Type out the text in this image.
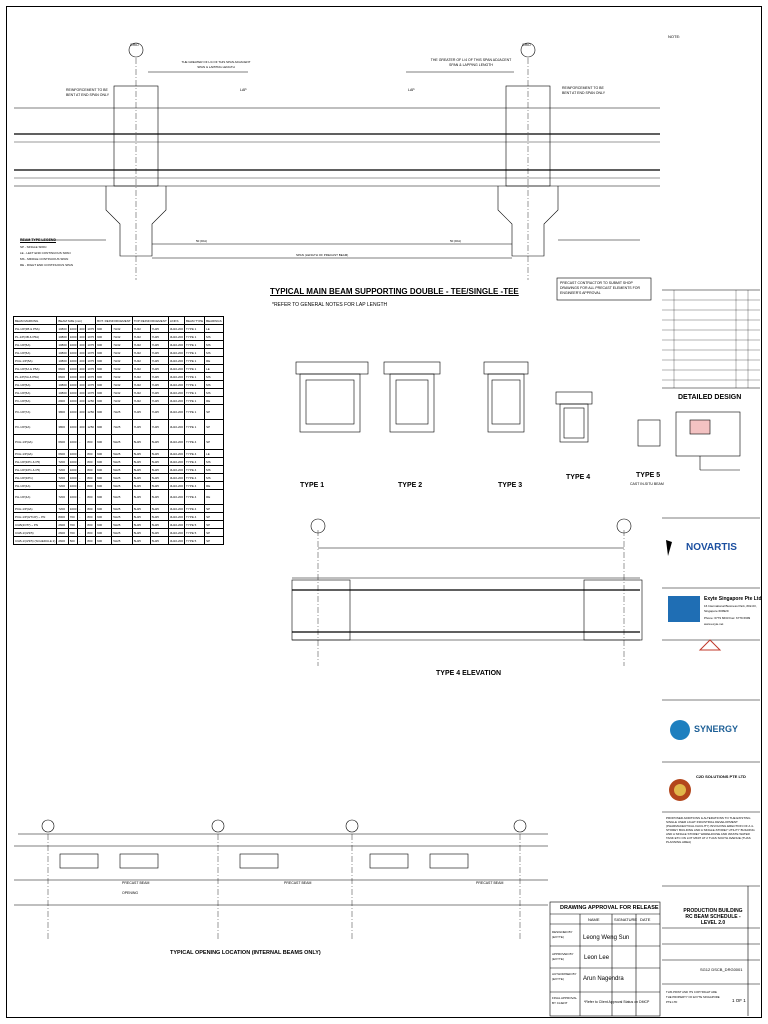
GRID	GRID
THE GREATER OF L/4 OF THIS SPAN ADJACENT SPAN & LAPPING LENGTH
THE GREATER OF L/4 OF THIS SPAN ADJACENT SPAN & LAPPING LENGTH
REINFORCEMENT TO BE BENT AT END SPAN ONLY
REINFORCEMENT TO BE BENT AT END SPAN ONLY
LAP	LAP
SPAN (LENGTH OF PRECAST BEAM)
50 (DIA)	50 (DIA)
BEAM TYPE LEGEND
SP - SINGLE SPAN
LE - LEFT END CONTINUOUS SPAN
MS - MIDDLE CONTINUOUS SPAN
RE - RIGHT END CONTINUOUS SPAN
TYPICAL MAIN BEAM SUPPORTING DOUBLE - TEE/SINGLE -TEE
*REFER TO GENERAL NOTES FOR LAP LENGTH
PRECAST CONTRACTOR TO SUBMIT SHOP DRAWINGS FOR ALL PRECAST ELEMENTS FOR ENGINEER'S APPROVAL
BEAM MARKING	BEAM SIZE (mm)				BOT. REINFORCEMENT		TOP REINFORCEMENT		LINKS	BEAM TYPE	BEARINGS
PH-1/P(3B & P5A)	10800	1000	400	1075	900	7H32	7H32	7H25	3H10-200	TYPE 1	LE
PL-1/P(3B & P5A)	10800	1000	400	1075	900	7H32	7H32	7H25	3H10-200	TYPE 1	MS
PH-1/P(5A)	10800	1000	400	1075	900	7H32	7H32	7H25	3H10-200	TYPE 1	MS
PH-1/P(5A)	10800	1000	400	1075	900	7H32	7H32	7H25	3H10-200	TYPE 1	MS
PCH-1/P(5A)	10800	1000	400	1075	900	7H32	7H32	7H25	3H10-200	TYPE 1	RE
PH-1/P(5A & P5A)	6600	1000	400	1075	900	7H32	7H32	7H25	3H10-200	TYPE 1	LE
PL-1/P(5A & P5A)	6600	1000	400	1075	900	7H32	7H32	7H25	3H10-200	TYPE 1	MS
PH-1/P(5A)	10800	1000	400	1075	900	7H32	7H32	7H25	3H10-200	TYPE 1	MS
PH-1/P(5A)	10800	1000	400	1075	900	7H32	7H32	7H25	3H10-200	TYPE 1	MS
PC-1/P(5A)	2900	1000	400	1250	900	7H32	7H32	7H25	3H10-200	TYPE 1	RE
PC-1/P(7A)	3800	1000	400	1250	900	7H25	7H25	7H25	3H10-200	TYPE 1	SP
PC-1/P(9A)	3800	1000	400	1250	900	7H25	7H25	7H25	3H10-200	TYPE 1	SP
PCH-1/P(4A)	6600	1000	-	800	600	5H25	5H25	5H25	3H10-200	TYPE 4	SP
PCH-1/P(4A)	6600	1000	-	800	600	5H25	5H25	5H25	3H10-200	TYPE 4	LE
PH-1/P(3/P1 & P5)	7200	1000	-	800	600	5H25	5H25	5H25	3H10-200	TYPE 4	MS
PH-1/P(3/P1 & P5)	7200	1000	-	800	600	5H25	5H25	5H25	3H10-200	TYPE 4	MS
PH-1/P(3/P1)	7200	1000	-	800	600	5H25	5H25	5H25	3H10-200	TYPE 4	MS
PH-1/P(4A)	7200	1000	-	800	600	5H25	5H25	5H25	3H10-200	TYPE 4	RE
PH-1/P(4A)	7200	1000	-	800	600	5H25	5H25	5H25	3H10-200	TYPE 4	RE
PCH-1/P(4A)	7200	1000	-	800	600	5H25	5H25	5H25	3H10-200	TYPE 4	SP
PCH-1/P(4/T1/P) ~ PN	8000	700	-	800	600	5H25	5H25	5H25	3H10-200	TYPE 4	SP
CGB(4/7/P) ~ PN	2600	700	-	800	600	5H25	5H25	5H25	3H10-200	TYPE 5	SP
CGB-1/(3/3/5)	2600	700	-	800	600	5H25	5H25	5H25	3H10-200	TYPE 5	SP
CGB-1/(3/3/5) (SCHEDULE 2)	2600	500	-	800	600	5H25	5H25	5H25	3H10-200	TYPE 5	SP
TYPE 1	TYPE 2	TYPE 3
TYPE 4	TYPE 5
CAST IN-SITU BEAM
TYPE 4 ELEVATION
TYPICAL OPENING LOCATION (INTERNAL BEAMS ONLY)
PRECAST BEAM
OPENING
PRECAST BEAM	PRECAST BEAM
DRAWING APPROVAL FOR RELEASE
NAME	SIGNATURE DATE
DESIGNED BY (EXYTE)	Leong Weng Sun
APPROVED BY (EXYTE)	Leon Lee
AUTHORISED BY (EXYTE)	Arun Nagendra
FINAL APPROVAL BY CLIENT	*Refer to Client Approval Status on DMCP
NOTE:
DETAILED DESIGN
NOVARTIS
Exyte Singapore Pte Ltd
16 International Business Park, #02-03, Singapore 609929
Phone: 6779 6633 Fax: 6779 6699
www.exyte.net
SYNERGY
C2D SOLUTIONS PTE LTD
PROPOSED ADDITIONS & ALTERATIONS TO THE EXISTING SINGLE USER LIGHT INDUSTRIAL DEVELOPMENT (PHARMACEUTICAL FACILITY) INVOLVING ERECTION OF A 4-STOREY BUILDING AND A SINGLE-STOREY UTILITY BUILDING AND A SINGLE STOREY WAREHOUSE AND WASTE WATER TANK ETC ON LOT MK07 AT 2 TUAS SOUTH AVENUE (TUAS PLANNING AREA)
PRODUCTION BUILDING RC BEAM SCHEDULE - LEVEL 2.0
SG12 DSCB_DRG0001
1 OF 1
THIS PRINT AND ITS COPYRIGHT ARE THE PROPERTY OF EXYTE SINGAPORE PTE LTD
